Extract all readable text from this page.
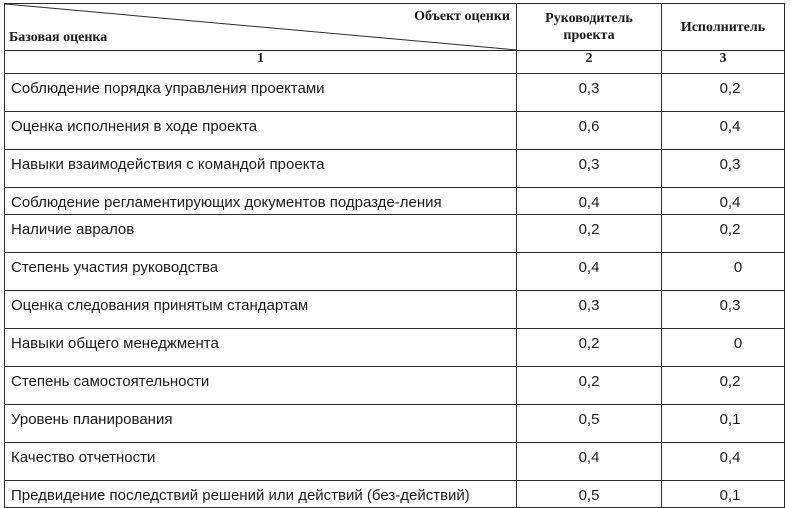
Объект оценки
Базовая оценка	Руководитель проекта	Исполнитель
1	2	3
Соблюдение порядка управления проектами	0,3	0,2
Оценка исполнения в ходе проекта	0,6	0,4
Навыки взаимодействия с командой проекта	0,3	0,3
Соблюдение регламентирующих документов подразде-ления	0,4	0,4
Наличие авралов	0,2	0,2
Степень участия руководства	0,4	0
Оценка следования принятым стандартам	0,3	0,3
Навыки общего менеджмента	0,2	0
Степень самостоятельности	0,2	0,2
Уровень планирования	0,5	0,1
Качество отчетности	0,4	0,4
Предвидение последствий решений или действий (без-действий)	0,5	0,1
